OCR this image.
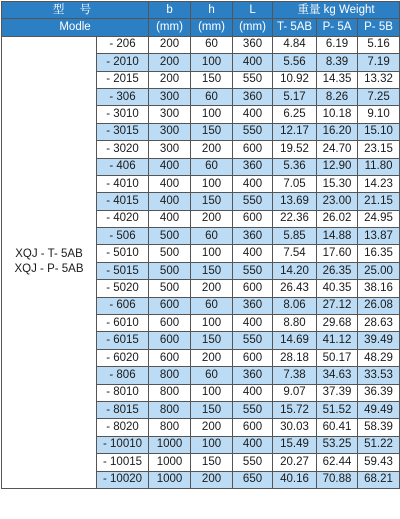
型 号		b	h	L	重量 kg Weight		
Modle		(mm)	(mm)	(mm)	T- 5AB	P- 5A	P- 5B

XQJ - T- 5AB
XQJ - P- 5AB	- 206	200	60	360	4.84	6.19	5.16
	- 2010	200	100	400	5.56	8.39	7.19
	- 2015	200	150	550	10.92	14.35	13.32
	- 306	300	60	360	5.17	8.26	7.25
	- 3010	300	100	400	6.25	10.18	9.10
	- 3015	300	150	550	12.17	16.20	15.10
	- 3020	300	200	600	19.52	24.70	23.15
	- 406	400	60	360	5.36	12.90	11.80
	- 4010	400	100	400	7.05	15.30	14.23
	- 4015	400	150	550	13.69	23.00	21.15
	- 4020	400	200	600	22.36	26.02	24.95
	- 506	500	60	360	5.85	14.88	13.87
	- 5010	500	100	400	7.54	17.60	16.35
	- 5015	500	150	550	14.20	26.35	25.00
	- 5020	500	200	600	26.43	40.35	38.16
	- 606	600	60	360	8.06	27.12	26.08
	- 6010	600	100	400	8.80	29.68	28.63
	- 6015	600	150	550	14.69	41.12	39.49
	- 6020	600	200	600	28.18	50.17	48.29
	- 806	800	60	360	7.38	34.63	33.53
	- 8010	800	100	400	9.07	37.39	36.39
	- 8015	800	150	550	15.72	51.52	49.49
	- 8020	800	200	600	30.03	60.41	58.39
	- 10010	1000	100	400	15.49	53.25	51.22
	- 10015	1000	150	550	20.27	62.44	59.43
	- 10020	1000	200	650	40.16	70.88	68.21
